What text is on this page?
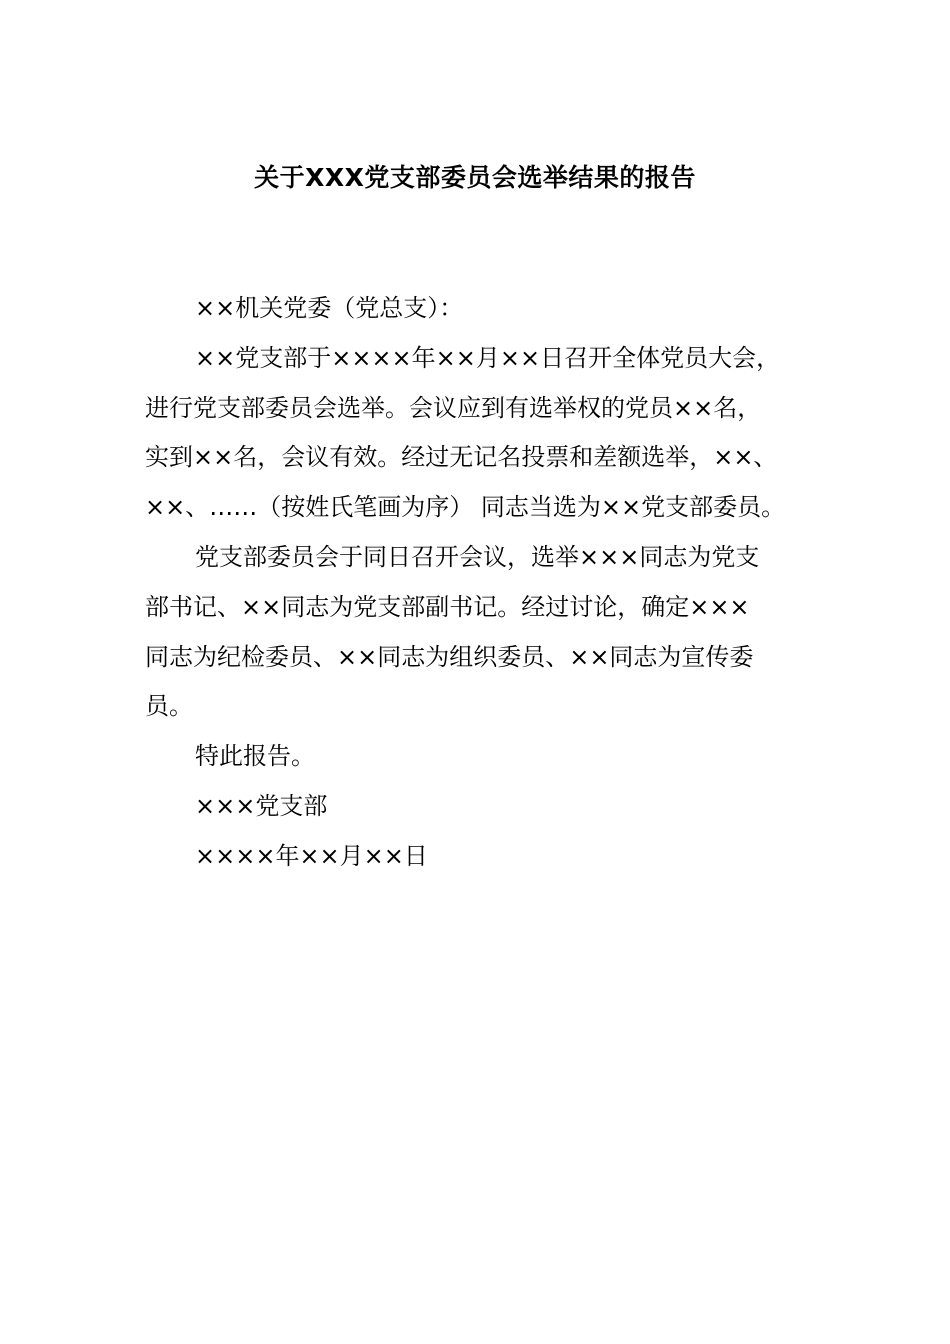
关于XXX党支部委员会选举结果的报告
××机关党委（党总支）：
××党支部于××××年××月××日召开全体党员大会，
进行党支部委员会选举。会议应到有选举权的党员××名，
实到××名，会议有效。经过无记名投票和差额选举，××、
××、……（按姓氏笔画为序） 同志当选为××党支部委员。
党支部委员会于同日召开会议，选举×××同志为党支
部书记、××同志为党支部副书记。经过讨论，确定×××
同志为纪检委员、××同志为组织委员、××同志为宣传委
员。
特此报告。
×××党支部
××××年××月××日
